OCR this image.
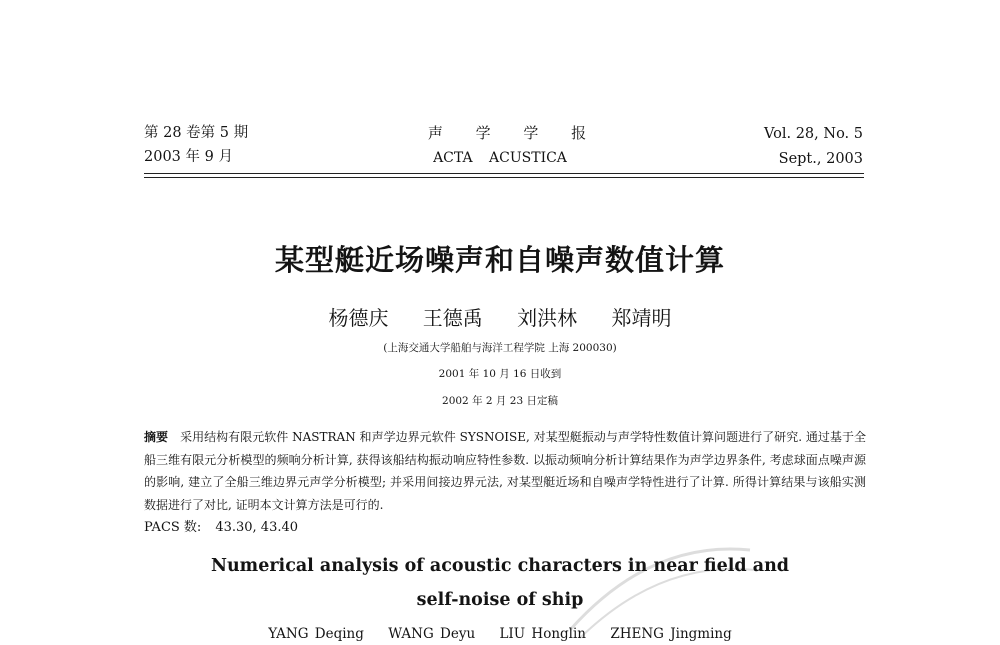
第 28 卷第 5 期
2003 年 9 月
声 学 学 报
ACTA ACUSTICA
Vol. 28, No. 5
Sept., 2003
某型艇近场噪声和自噪声数值计算
杨德庆 王德禹 刘洪林 郑靖明
(上海交通大学船舶与海洋工程学院 上海 200030)
2001 年 10 月 16 日收到
2002 年 2 月 23 日定稿
摘要 采用结构有限元软件 NASTRAN 和声学边界元软件 SYSNOISE, 对某型艇振动与声学特性数值计算问题进行了研究. 通过基于全船三维有限元分析模型的频响分析计算, 获得该船结构振动响应特性参数. 以振动频响分析计算结果作为声学边界条件, 考虑球面点噪声源的影响, 建立了全船三维边界元声学分析模型; 并采用间接边界元法, 对某型艇近场和自噪声学特性进行了计算. 所得计算结果与该船实测数据进行了对比, 证明本文计算方法是可行的.
PACS 数: 43.30, 43.40
Numerical analysis of acoustic characters in near field and
self-noise of ship
YANG Deqing WANG Deyu LIU Honglin ZHENG Jingming
